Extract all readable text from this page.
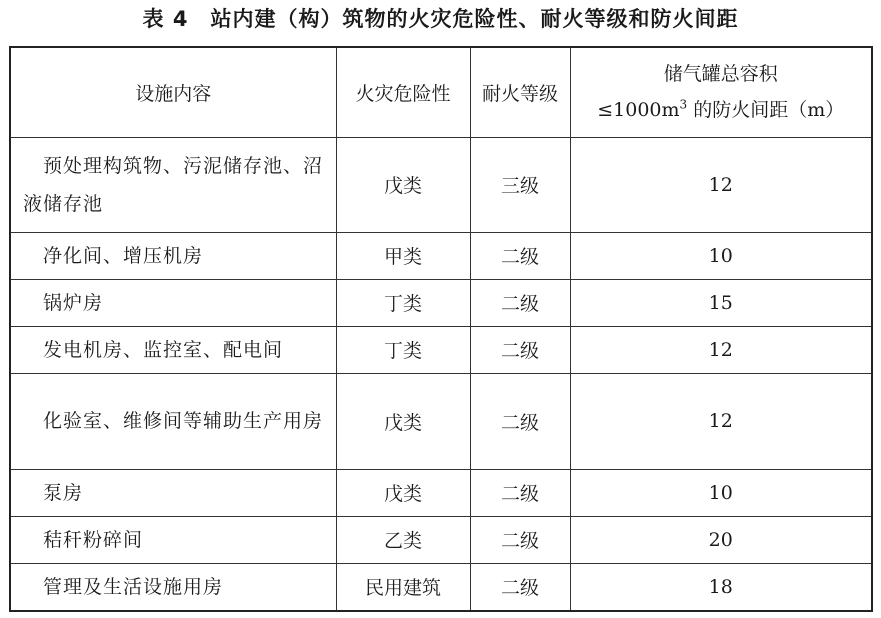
表 4 站内建（构）筑物的火灾危险性、耐火等级和防火间距
设施内容	火灾危险性	耐火等级	储气罐总容积
$\le 1000m^3$ 的防火间距（m）

预处理构筑物、污泥储存池、沼液储存池	戊类	三级	12
净化间、增压机房	甲类	二级	10
锅炉房	丁类	二级	15
发电机房、监控室、配电间	丁类	二级	12
化验室、维修间等辅助生产用房	戊类	二级	12
泵房	戊类	二级	10
秸秆粉碎间	乙类	二级	20
管理及生活设施用房	民用建筑	二级	18
